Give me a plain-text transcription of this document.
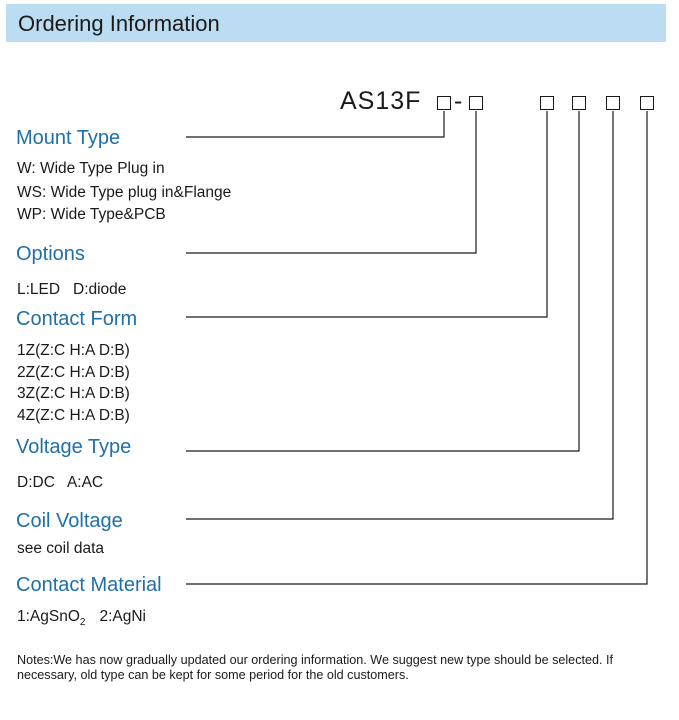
Ordering Information
AS13F -
Mount Type
W: Wide Type Plug in
WS: Wide Type plug in&Flange
WP: Wide Type&PCB
Options
L:LED   D:diode
Contact Form
1Z(Z:C H:A D:B)
2Z(Z:C H:A D:B)
3Z(Z:C H:A D:B)
4Z(Z:C H:A D:B)
Voltage Type
D:DC   A:AC
Coil Voltage
see coil data
Contact Material
1:AgSnO$_2$ 2:AgNi
Notes:We has now gradually updated our ordering information. We suggest new type should be selected. If necessary, old type can be kept for some period for the old customers.
